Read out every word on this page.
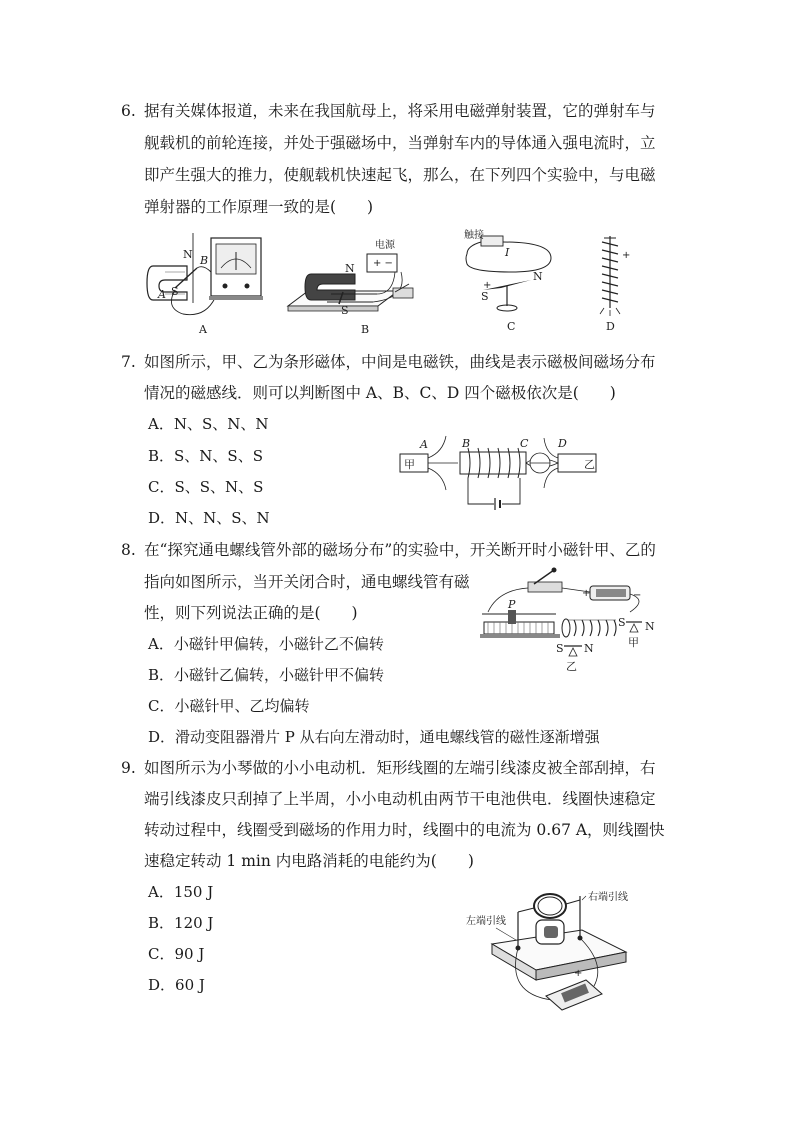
6. 据有关媒体报道，未来在我国航母上，将采用电磁弹射装置，它的弹射车与
舰载机的前轮连接，并处于强磁场中，当弹射车内的导体通入强电流时，立
即产生强大的推力，使舰载机快速起飞，那么，在下列四个实验中，与电磁
弹射器的工作原理一致的是(　　)
N
S
A
B
A
+ −
电源
N
S
B
触接
I
+
N
S
C
+
D
7. 如图所示，甲、乙为条形磁体，中间是电磁铁，曲线是表示磁极间磁场分布
情况的磁感线．则可以判断图中 A、B、C、D 四个磁极依次是(　　)
A．N、S、N、N
B．S、N、S、S
C．S、S、N、S
D．N、N、S、N
A	B	C	D
甲	乙
8. 在“探究通电螺线管外部的磁场分布”的实验中，开关断开时小磁针甲、乙的
指向如图所示，当开关闭合时，通电螺线管有磁
性，则下列说法正确的是(　　)
A．小磁针甲偏转，小磁针乙不偏转
B．小磁针乙偏转，小磁针甲不偏转
C．小磁针甲、乙均偏转
D．滑动变阻器滑片 P 从右向左滑动时，通电螺线管的磁性逐渐增强
+	−
P
S N
甲
S N
乙
9. 如图所示为小琴做的小小电动机．矩形线圈的左端引线漆皮被全部刮掉，右
端引线漆皮只刮掉了上半周，小小电动机由两节干电池供电．线圈快速稳定
转动过程中，线圈受到磁场的作用力时，线圈中的电流为 0.67 A，则线圈快
速稳定转动 1 min 内电路消耗的电能约为(　　)
A．150 J
B．120 J
C．90 J
D．60 J
+
左端引线
右端引线
